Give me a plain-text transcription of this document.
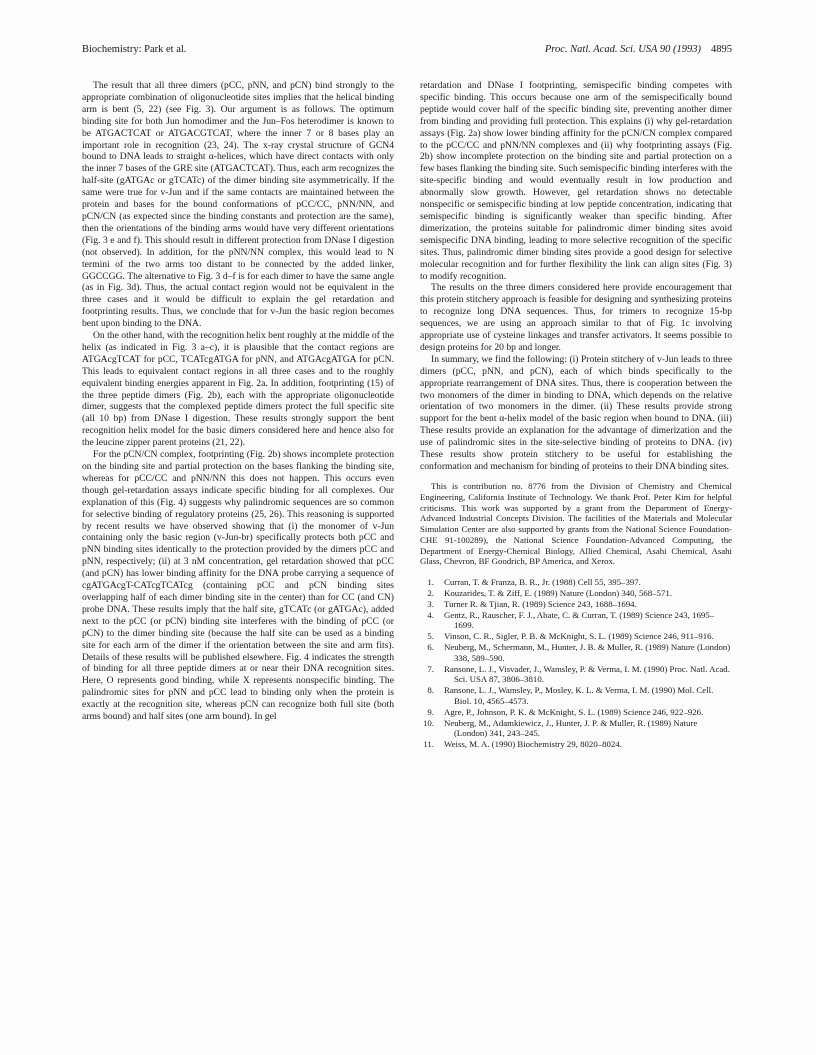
Biochemistry: Park et al.	Proc. Natl. Acad. Sci. USA 90 (1993) 4895

The result that all three dimers (pCC, pNN, and pCN) bind strongly to the appropriate combination of oligonucleotide sites implies that the helical binding arm is bent (5, 22) (see Fig. 3). Our argument is as follows. The optimum binding site for both Jun homodimer and the Jun–Fos heterodimer is known to be ATGACTCAT or ATGACGTCAT, where the inner 7 or 8 bases play an important role in recognition (23, 24). The x-ray crystal structure of GCN4 bound to DNA leads to straight α-helices, which have direct contacts with only the inner 7 bases of the GRE site (ATGACTCAT). Thus, each arm recognizes the half-site (gATGAc or gTCATc) of the dimer binding site asymmetrically. If the same were true for v-Jun and if the same contacts are maintained between the protein and bases for the bound conformations of pCC/CC, pNN/NN, and pCN/CN (as expected since the binding constants and protection are the same), then the orientations of the binding arms would have very different orientations (Fig. 3 e and f). This should result in different protection from DNase I digestion (not observed). In addition, for the pNN/NN complex, this would lead to N termini of the two arms too distant to be connected by the added linker, GGCCGG. The alternative to Fig. 3 d–f is for each dimer to have the same angle (as in Fig. 3d). Thus, the actual contact region would not be equivalent in the three cases and it would be difficult to explain the gel retardation and footprinting results. Thus, we conclude that for v-Jun the basic region becomes bent upon binding to the DNA.

On the other hand, with the recognition helix bent roughly at the middle of the helix (as indicated in Fig. 3 a–c), it is plausible that the contact regions are ATGAcgTCAT for pCC, TCATcgATGA for pNN, and ATGAcgATGA for pCN. This leads to equivalent contact regions in all three cases and to the roughly equivalent binding energies apparent in Fig. 2a. In addition, footprinting (15) of the three peptide dimers (Fig. 2b), each with the appropriate oligonucleotide dimer, suggests that the complexed peptide dimers protect the full specific site (all 10 bp) from DNase I digestion. These results strongly support the bent recognition helix model for the basic dimers considered here and hence also for the leucine zipper parent proteins (21, 22).

For the pCN/CN complex, footprinting (Fig. 2b) shows incomplete protection on the binding site and partial protection on the bases flanking the binding site, whereas for pCC/CC and pNN/NN this does not happen. This occurs even though gel-retardation assays indicate specific binding for all complexes. Our explanation of this (Fig. 4) suggests why palindromic sequences are so common for selective binding of regulatory proteins (25, 26). This reasoning is supported by recent results we have observed showing that (i) the monomer of v-Jun containing only the basic region (v-Jun-br) specifically protects both pCC and pNN binding sites identically to the protection provided by the dimers pCC and pNN, respectively; (ii) at 3 nM concentration, gel retardation showed that pCC (and pCN) has lower binding affinity for the DNA probe carrying a sequence of cgATGAcgT-CATcgTCATcg (containing pCC and pCN binding sites overlapping half of each dimer binding site in the center) than for CC (and CN) probe DNA. These results imply that the half site, gTCATc (or gATGAc), added next to the pCC (or pCN) binding site interferes with the binding of pCC (or pCN) to the dimer binding site (because the half site can be used as a binding site for each arm of the dimer if the orientation between the site and arm fits). Details of these results will be published elsewhere. Fig. 4 indicates the strength of binding for all three peptide dimers at or near their DNA recognition sites. Here, O represents good binding, while X represents nonspecific binding. The palindromic sites for pNN and pCC lead to binding only when the protein is exactly at the recognition site, whereas pCN can recognize both full site (both arms bound) and half sites (one arm bound). In gel

retardation and DNase I footprinting, semispecific binding competes with specific binding. This occurs because one arm of the semispecifically bound peptide would cover half of the specific binding site, preventing another dimer from binding and providing full protection. This explains (i) why gel-retardation assays (Fig. 2a) show lower binding affinity for the pCN/CN complex compared to the pCC/CC and pNN/NN complexes and (ii) why footprinting assays (Fig. 2b) show incomplete protection on the binding site and partial protection on a few bases flanking the binding site. Such semispecific binding interferes with the site-specific binding and would eventually result in low production and abnormally slow growth. However, gel retardation shows no detectable nonspecific or semispecific binding at low peptide concentration, indicating that semispecific binding is significantly weaker than specific binding. After dimerization, the proteins suitable for palindromic dimer binding sites avoid semispecific DNA binding, leading to more selective recognition of the specific sites. Thus, palindromic dimer binding sites provide a good design for selective molecular recognition and for further flexibility the link can align sites (Fig. 3) to modify recognition.

The results on the three dimers considered here provide encouragement that this protein stitchery approach is feasible for designing and synthesizing proteins to recognize long DNA sequences. Thus, for trimers to recognize 15-bp sequences, we are using an approach similar to that of Fig. 1c involving appropriate use of cysteine linkages and transfer activators. It seems possible to design proteins for 20 bp and longer.

In summary, we find the following: (i) Protein stitchery of v-Jun leads to three dimers (pCC, pNN, and pCN), each of which binds specifically to the appropriate rearrangement of DNA sites. Thus, there is cooperation between the two monomers of the dimer in binding to DNA, which depends on the relative orientation of two monomers in the dimer. (ii) These results provide strong support for the bent α-helix model of the basic region when bound to DNA. (iii) These results provide an explanation for the advantage of dimerization and the use of palindromic sites in the site-selective binding of proteins to DNA. (iv) These results show protein stitchery to be useful for establishing the conformation and mechanism for binding of proteins to their DNA binding sites.

This is contribution no. 8776 from the Division of Chemistry and Chemical Engineering, California Institute of Technology. We thank Prof. Peter Kim for helpful criticisms. This work was supported by a grant from the Department of Energy-Advanced Industrial Concepts Division. The facilities of the Materials and Molecular Simulation Center are also supported by grants from the National Science Foundation-CHE 91-100289), the National Science Foundation-Advanced Computing, the Department of Energy-Chemical Biology, Allied Chemical, Asahi Chemical, Asahi Glass, Chevron, BF Goodrich, BP America, and Xerox.

1. Curran, T. & Franza, B. R., Jr. (1988) Cell 55, 395–397.
2. Kouzarides, T. & Ziff, E. (1989) Nature (London) 340, 568–571.
3. Turner R. & Tjian, R. (1989) Science 243, 1688–1694.
4. Gentz, R., Rauscher, F. J., Abate, C. & Curran, T. (1989) Science 243, 1695–1699.
5. Vinson, C. R., Sigler, P. B. & McKnight, S. L. (1989) Science 246, 911–916.
6. Neuberg, M., Schermann, M., Hunter, J. B. & Muller, R. (1989) Nature (London) 338, 589–590.
7. Ransone, L. J., Visvader, J., Wamsley, P. & Verma, I. M. (1990) Proc. Natl. Acad. Sci. USA 87, 3806–3810.
8. Ransone, L. J., Wamsley, P., Mosley, K. L. & Verma, I. M. (1990) Mol. Cell. Biol. 10, 4565–4573.
9. Agre, P., Johnson, P. K. & McKnight, S. L. (1989) Science 246, 922–926.
10. Neuberg, M., Adamkiewicz, J., Hunter, J. P. & Muller, R. (1989) Nature (London) 341, 243–245.
11. Weiss, M. A. (1990) Biochemistry 29, 8020–8024.
